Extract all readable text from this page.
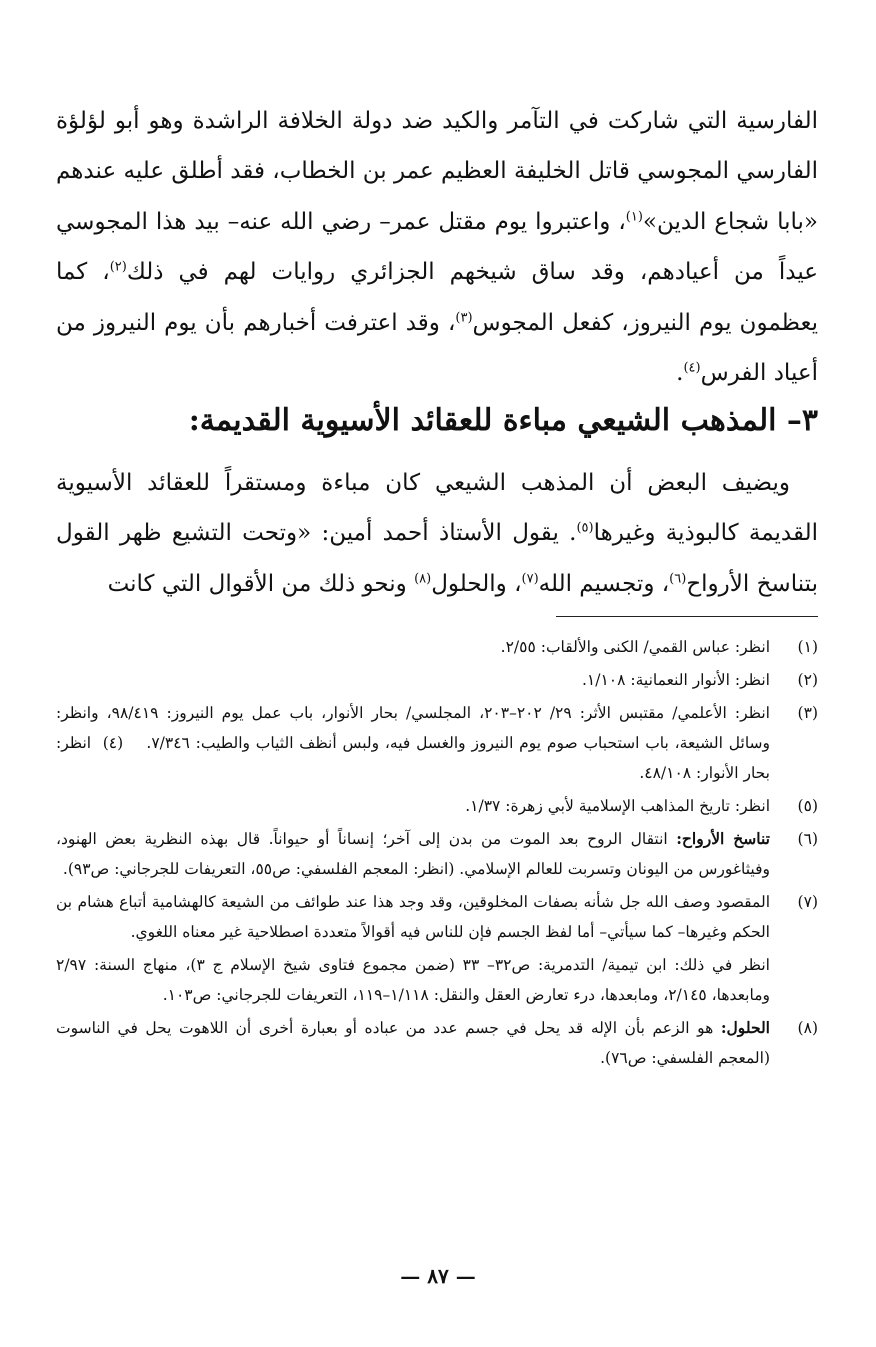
الفارسية التي شاركت في التآمر والكيد ضد دولة الخلافة الراشدة وهو أبو لؤلؤة الفارسي المجوسي قاتل الخليفة العظيم عمر بن الخطاب، فقد أطلق عليه عندهم «بابا شجاع الدين»$^{(١)}$، واعتبروا يوم مقتل عمر– رضي الله عنه– بيد هذا المجوسي عيداً من أعيادهم، وقد ساق شيخهم الجزائري روايات لهم في ذلك$^{(٢)}$، كما يعظمون يوم النيروز، كفعل المجوس$^{(٣)}$، وقد اعترفت أخبارهم بأن يوم النيروز من أعياد الفرس$^{(٤)}$.

٣– المذهب الشيعي مباءة للعقائد الأسيوية القديمة:

ويضيف البعض أن المذهب الشيعي كان مباءة ومستقراً للعقائد الأسيوية القديمة كالبوذية وغيرها$^{(٥)}$. يقول الأستاذ أحمد أمين: «وتحت التشيع ظهر القول بتناسخ الأرواح$^{(٦)}$، وتجسيم الله$^{(٧)}$، والحلول$^{(٨)}$ ونحو ذلك من الأقوال التي كانت

(١)
انظر: عباس القمي/ الكنى والألقاب: ٢/٥٥.
(٢)
انظر: الأنوار النعمانية: ١/١٠٨.
(٣)
انظر: الأعلمي/ مقتبس الأثر: ٢٩/ ٢٠٢–٢٠٣، المجلسي/ بحار الأنوار، باب عمل يوم النيروز: ٩٨/٤١٩، وانظر: وسائل الشيعة، باب استحباب صوم يوم النيروز والغسل فيه، ولبس أنظف الثياب والطيب: ٧/٣٤٦.    (٤)  انظر: بحار الأنوار: ٤٨/١٠٨.
(٥)
انظر: تاريخ المذاهب الإسلامية لأبي زهرة: ١/٣٧.
(٦)
تناسخ الأرواح: انتقال الروح بعد الموت من بدن إلى آخر؛ إنساناً أو حيواناً. قال بهذه النظرية بعض الهنود، وفيثاغورس من اليونان وتسربت للعالم الإسلامي. (انظر: المعجم الفلسفي: ص٥٥، التعريفات للجرجاني: ص٩٣).
(٧)
المقصود وصف الله جل شأنه بصفات المخلوقين، وقد وجد هذا عند طوائف من الشيعة كالهشامية أتباع هشام بن الحكم وغيرها– كما سيأتي– أما لفظ الجسم فإن للناس فيه أقوالاً متعددة اصطلاحية غير معناه اللغوي.
انظر في ذلك: ابن تيمية/ التدمرية: ص٣٢– ٣٣ (ضمن مجموع فتاوى شيخ الإسلام ج ٣)، منهاج السنة: ٢/٩٧ ومابعدها، ٢/١٤٥، ومابعدها، درء تعارض العقل والنقل: ١/١١٨–١١٩، التعريفات للجرجاني: ص١٠٣.
(٨)
الحلول: هو الزعم بأن الإله قد يحل في جسم عدد من عباده أو بعبارة أخرى أن اللاهوت يحل في الناسوت (المعجم الفلسفي: ص٧٦).
— ٨٧ —
